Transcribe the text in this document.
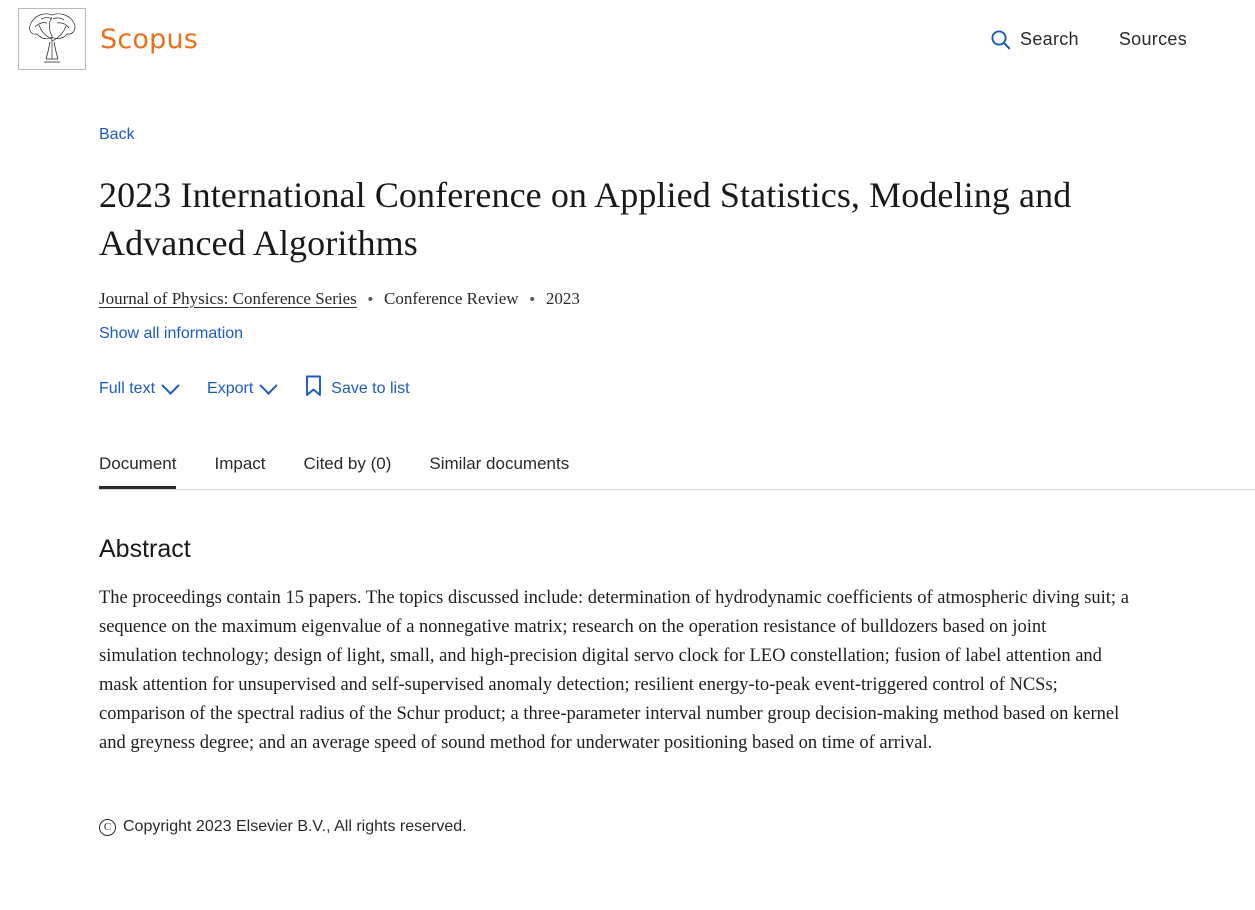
Scopus	Search Sources
Back
2023 International Conference on Applied Statistics, Modeling and Advanced Algorithms
Journal of Physics: Conference Series • Conference Review • 2023
Show all information
Full text	Export	Save to list
Document Impact Cited by (0) Similar documents
Abstract

The proceedings contain 15 papers. The topics discussed include: determination of hydrodynamic coefficients of atmospheric diving suit; a sequence on the maximum eigenvalue of a nonnegative matrix; research on the operation resistance of bulldozers based on joint simulation technology; design of light, small, and high-precision digital servo clock for LEO constellation; fusion of label attention and mask attention for unsupervised and self-supervised anomaly detection; resilient energy-to-peak event-triggered control of NCSs; comparison of the spectral radius of the Schur product; a three-parameter interval number group decision-making method based on kernel and greyness degree; and an average speed of sound method for underwater positioning based on time of arrival.

C Copyright 2023 Elsevier B.V., All rights reserved.
